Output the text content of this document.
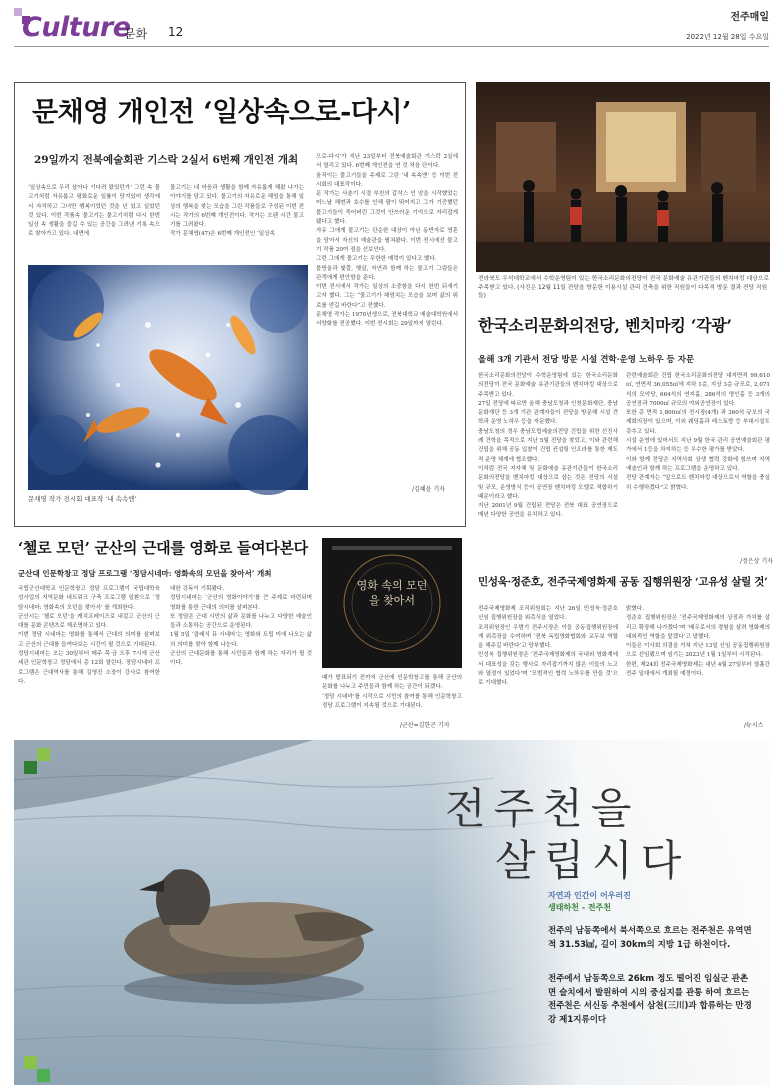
Culture
문화 12
전주매일
2022년 12월 28일 수요일
문채영 개인전 ‘일상속으로-다시’
29일까지 전북예술회관 기스락 2실서 6번째 개인전 개최
‘일상속으로 우리 살아나 기다려 왔었던가’ 그런 속 물고기처럼 자유롭고 평화로운 일률이 담겨있어 생각에서 자작하고 그녀만 행복이었던 것을 넌 있고 실었던 것 있다. 이번 작품속 물고기는 물고기처럼 다시 한번 일상 속 생활을 즐길 수 있는 공간을 그려낸 기록 속으로 찾아가고 있다. 내면에
물고기는 내 마음과 생활을 함께 자유롭게 해왔 나가는 이야기를 담고 있다. 물고기의 자유로운 헤엄을 통해 일상의 행복을 찾는 모습을 그린 작품들로 구성된 이번 전시는 작가의 6번째 개인전이다. 작가는 오랜 시간 물고기를 그려왔다.
작가 문채영(47)은 6번째 개인전인 ‘일상속
으로-다시’가 지난 23일부터 전북예술회관 기스락 2실에서 열리고 있다. 6번째 개인전을 연 것 처음 단이다.
움직이는 물고기들을 주제로 그린 ‘내 속속엔’ 등 이번 전시회의 대표작이다.
문 작가는 사춘기 시절 부친의 갑작스 인 암을 시작했었는 어느날 해변과 호수를 인해 팔이 뛰어지고 그가 기증했던 물고기들이 죽어버린 그것이 안쓰러운 기억으로 자리잡게 됐다고 했다.
자유 그에게 물고기는 단순한 대상이 아닌 동반자로 영혼을 담아서 자신의 예술관을 펼쳐왔다. 이번 전시에선 물고기 작품 20여 점을 선보인다.
그런 그에게 물고기는 무한한 매력이 있다고 했다.
물방울과 빛깔, 햇살, 자연과 함께 하는 물고기 그림들은 관객에게 편안함을 준다.
이번 전시에서 작가는 일상의 소중함을 다시 한번 되새기고자 했다. 그는 “물고기가 헤엄치는 모습을 보며 삶의 위로를 얻길 바란다”고 전했다.
문채영 작가는 1970년생으로, 전북대학교 예술대학원에서 서양화를 전공했다. 이번 전시회는 29일까지 열린다.
문채영 작가 전시회 대표작 ‘내 속속엔’
/김혜윤 기자
전라북도 우석대학교에서 수학운영팀이 있는 한국소리문화의전당이 전국 문화예술 유관기관들의 벤치마킹 대상으로 주목받고 있다. (사진은 12월 11일 전당을 방문한 이용시설 관리 건축을 위한 직원들이 다목적 방문 결과 전당 직원들)
한국소리문화의전당, 벤치마킹 ‘각광’
올해 3개 기관서 전당 방문 시설 견학·운영 노하우 등 자문
한국소리문화의전당이 수학운영팀에 있는 한국소리문화의전당이 전국 문화예술 유관기관들의 벤치마킹 대상으로 주목받고 있다.
27일 전당에 따르면 올해 충남도청과 인천문화재단, 충남문화재단 등 3개 기관 관계자들이 전당을 방문해 시설 견학과 운영 노하우 등을 자문했다.
충남도청의 경우 충남도립예술의전당 건립을 위한 선진사례 견학을 목적으로 지난 5월 전당을 찾았고, 이와 관련해 건립을 위해 공동 입찰이 건립 컨설팅 인프라를 통한 제도적 운영 체계에 협조했다.
이처럼 전국 지자체 및 문화예술 유관기관들이 한국소리문화의전당을 벤치마킹 대상으로 삼는 것은 전당의 시설 및 규모, 운영방식 등이 공연장 벤치마킹 모델로 적합하기 때문이라고 했다.
지난 2001년 9월 건립된 전당은 전북 대표 공연장으로 매년 다양한 공연을 유치하고 있다.
관련예술회관 건립 한국소리문화의전당 대지면적 99,610㎡, 연면적 36,055㎡에 지하 1층, 지상 3층 규모로, 2,071석의 모악당, 664석의 연지홀, 286석의 명인홀 등 3개의 공연장과 7000㎡ 규모의 야외공연장이 있다.
또한 총 면적 1,800㎡의 전시장(4개) 과 360석 규모의 국제회의장이 있으며, 이외 웨딩홀과 레스토랑 등 부대시설도 갖추고 있다.
시설 운영에 있어서도 지난 9월 한국 관리 공연예술회관 평가에서 1등을 차지하는 등 우수한 평가를 받았다.
이와 함께 전당은 지역사회 상생 협력 강화에 힘쓰며 지역 예술인과 함께 하는 프로그램을 운영하고 있다.
전당 관계자는 “앞으로도 벤치마킹 대상으로서 역할을 충실히 수행하겠다”고 밝혔다.
/정은상 기자
‘첼로 모던’ 군산의 근대를 영화로 들여다본다
군산대 인문학창고 정담 프로그램 ‘정담시네마: 영화속의 모던을 찾아서’ 개최
국립군산대학교 인문학창고 정담 프로그램이 국립대학육성사업의 지역문화 네트워크 구축 프로그램 일환으로 ‘정담시네마: 영화속의 모던을 찾아서’ 를 개최한다.
군산시는 ‘첼로 모던’을 캐치프레이즈로 내걸고 군산의 근대를 문화 콘텐츠로 재조명하고 있다.
이번 정담 시네마는 영화를 통해서 근대의 의미를 살펴보고 군산의 근대를 들여다보는 시간이 될 것으로 기대된다.
정담시네마는 오는 30일부터 매주 목·금 오후 7시에 군산세관 인문학창고 정담에서 총 12회 열린다. 정담시네마 프로그램은 근대역사를 통해 김영진 소장이 강사로 참여한다.
대한 강독이 기획됐다.
정담시네마는 ‘군산의 영화이야기’를 큰 주제로 마련되며 영화를 통한 근대의 의미를 살펴본다.
또 정담은 근대 시민의 삶과 문화를 나누고 다양한 예술인들과 소통하는 공간으로 운영된다.
1월 5일 ‘클래식 뮤 시네마’는 영화와 트립 미에 나오는 삶의 의미를 찾아 함께 나눈다.
군산의 근대문화를 통해 시민들과 함께 하는 자리가 될 것이다.
영화 속의 모던을 찾아서
때가 발표되기 전까지 군산에 인문학창고를 통해 군산의 문화를 나누고 주민들과 함께 하는 공간이 되겠다.
‘정담 시네마’를 시작으로 시민의 참여를 통해 인문학창고 정담 프로그램이 지속될 것으로 기대된다.
/군산=김한곤 기자
민성욱·정준호, 전주국제영화제 공동 집행위원장 ‘고유성 살릴 것’
전주국제영화제 조직위원회는 지난 26일 민성욱·정준호 신임 집행위원장을 위촉식을 열었다.
조직위원장인 우범기 전주시장은 이들 공동집행위원장에게 위촉장을 수여하며 ‘전북 독립영화협회와 교두보 역할을 해주길 바란다’고 당부했다.
민성욱 집행위원장은 ‘전주국제영화제의 국내외 영화계에서 대표성을 갖는 행사로 자리잡기까지 많은 이들의 노고와 열정이 있었다’며 ‘모범적인 협력 노하우를 만들 것’으로 기대했다.
밝혔다.
정준호 집행위원장은 ‘전주국제영화제의 상징과 가치를 살리고 확장해 나가겠다’며 ‘배우로서의 경험을 살려 영화제의 대외적인 역할을 맡겠다’고 말했다.
이들은 이사회 의결을 거쳐 지난 13일 신임 공동집행위원장으로 선임됐으며 임기는 2023년 1월 1일부터 시작된다.
한편, 제24회 전주국제영화제는 내년 4월 27일부터 열흘간 전주 일대에서 개최될 예정이다.
/뉴시스
전주천을
살립시다
자연과 인간이 어우러진
생태하천 - 전주천
전주의 남동쪽에서 북서쪽으로 흐르는 전주천은 유역면적 31.53㎢, 길이 30km의 지방 1급 하천이다.
전주에서 남동쪽으로 26km 정도 떨어진 임실군 관촌면 슬치에서 발원하여 시의 중심지를 관통 하여 흐르는 전주천은 서신동 추천에서 삼천(三川)과 합류하는 만경강 제1지류이다
